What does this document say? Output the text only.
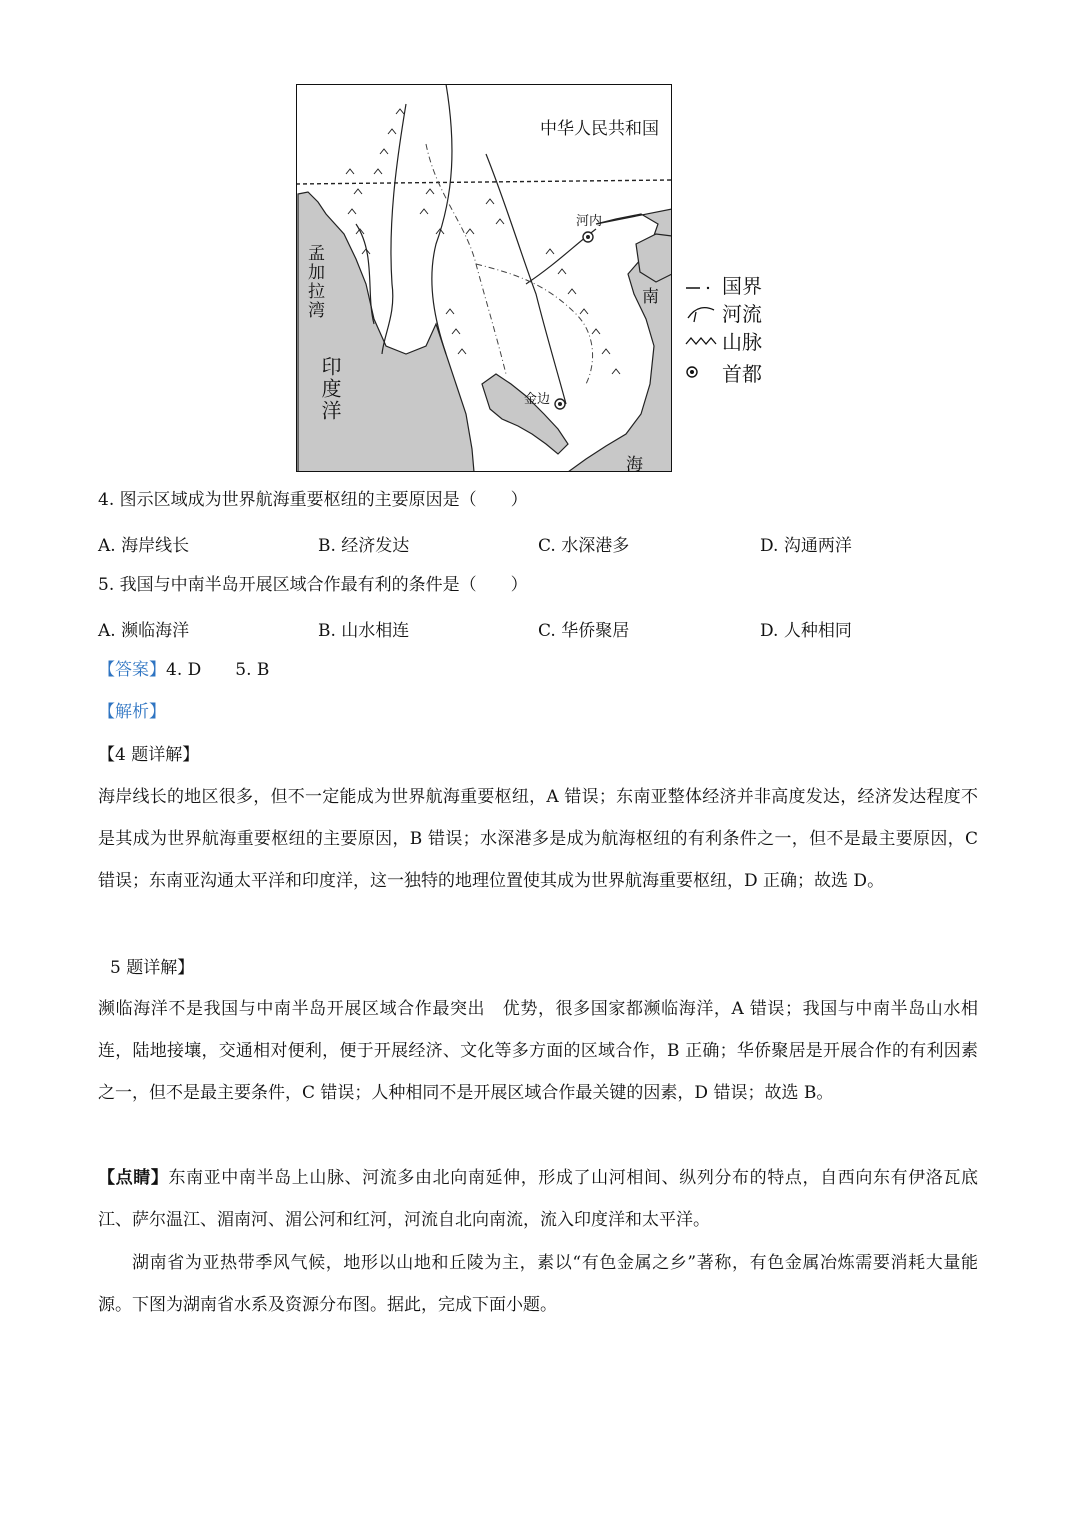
中华人民共和国
河内
金边
孟加拉湾
印度洋
南
海
国界
河流
山脉
首都
4. 图示区域成为世界航海重要枢纽的主要原因是（　　）
A. 海岸线长	B. 经济发达	C. 水深港多	D. 沟通两洋
5. 我国与中南半岛开展区域合作最有利的条件是（　　）
A. 濒临海洋	B. 山水相连	C. 华侨聚居	D. 人种相同
【答案】4. D　　5. B
【解析】
【4 题详解】
海岸线长的地区很多，但不一定能成为世界航海重要枢纽，A 错误；东南亚整体经济并非高度发达，经济发达程度不是其成为世界航海重要枢纽的主要原因，B 错误；水深港多是成为航海枢纽的有利条件之一，但不是最主要原因，C 错误；东南亚沟通太平洋和印度洋，这一独特的地理位置使其成为世界航海重要枢纽，D 正确；故选 D。
5 题详解】
濒临海洋不是我国与中南半岛开展区域合作最突出　优势，很多国家都濒临海洋，A 错误；我国与中南半岛山水相连，陆地接壤，交通相对便利，便于开展经济、文化等多方面的区域合作，B 正确；华侨聚居是开展合作的有利因素之一，但不是最主要条件，C 错误；人种相同不是开展区域合作最关键的因素，D 错误；故选 B。
【点睛】东南亚中南半岛上山脉、河流多由北向南延伸，形成了山河相间、纵列分布的特点，自西向东有伊洛瓦底江、萨尔温江、湄南河、湄公河和红河，河流自北向南流，流入印度洋和太平洋。
湖南省为亚热带季风气候，地形以山地和丘陵为主，素以“有色金属之乡”著称，有色金属冶炼需要消耗大量能源。下图为湖南省水系及资源分布图。据此，完成下面小题。
